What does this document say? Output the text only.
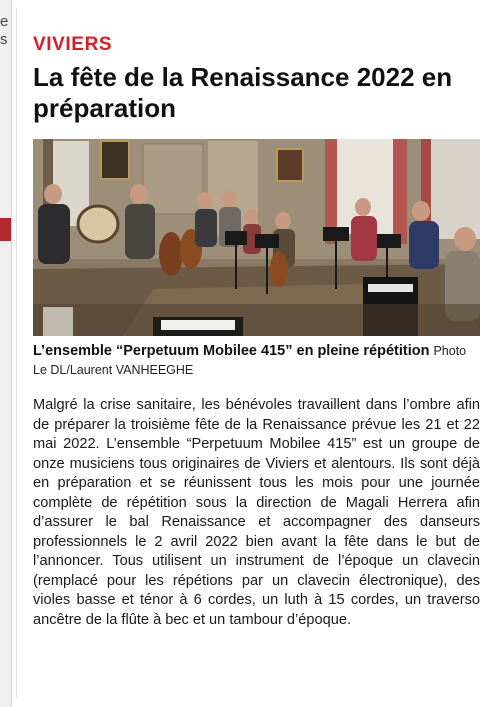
e
s VIVIERS
La fête de la Renaissance 2022 en préparation
L’ensemble “Perpetuum Mobilee 415” en pleine répétition Photo Le DL/Laurent VANHEEGHE
Malgré la crise sanitaire, les bénévoles travaillent dans l’ombre afin de préparer la troisième fête de la Renaissance prévue les 21 et 22 mai 2022. L’ensemble “Perpetuum Mobilee 415” est un groupe de onze musiciens tous originaires de Viviers et alentours. Ils sont déjà en préparation et se réunissent tous les mois pour une journée complète de répétition sous la direction de Magali Herrera afin d’assurer le bal Renaissance et accompagner des danseurs professionnels le 2 avril 2022 bien avant la fête dans le but de l’annoncer. Tous utilisent un instrument de l’époque un clavecin (remplacé pour les répétions par un clavecin électronique), des violes basse et ténor à 6 cordes, un luth à 15 cordes, un traverso ancêtre de la flûte à bec et un tambour d’époque.
